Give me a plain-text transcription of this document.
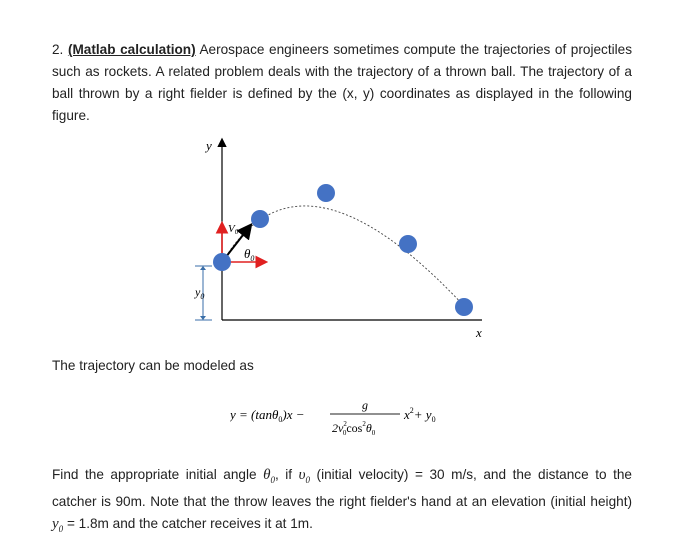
2. (Matlab calculation) Aerospace engineers sometimes compute the trajectories of projectiles such as rockets. A related problem deals with the trajectory of a thrown ball. The trajectory of a ball thrown by a right fielder is defined by the (x, y) coordinates as displayed in the following figure.
y
x
$y_0$
V0
$\theta_0$
The trajectory can be modeled as
y = (tanθ$_0$)x −
g
$2v^2$ $0\cos^2\theta_0$
$x^2+ y_0$
Find the appropriate initial angle $\theta_0$, if $\upsilon_0$ (initial velocity) = 30 m/s, and the distance to the catcher is 90m. Note that the throw leaves the right fielder's hand at an elevation (initial height) $y_0 = 1.8m$ and the catcher receives it at 1m.
